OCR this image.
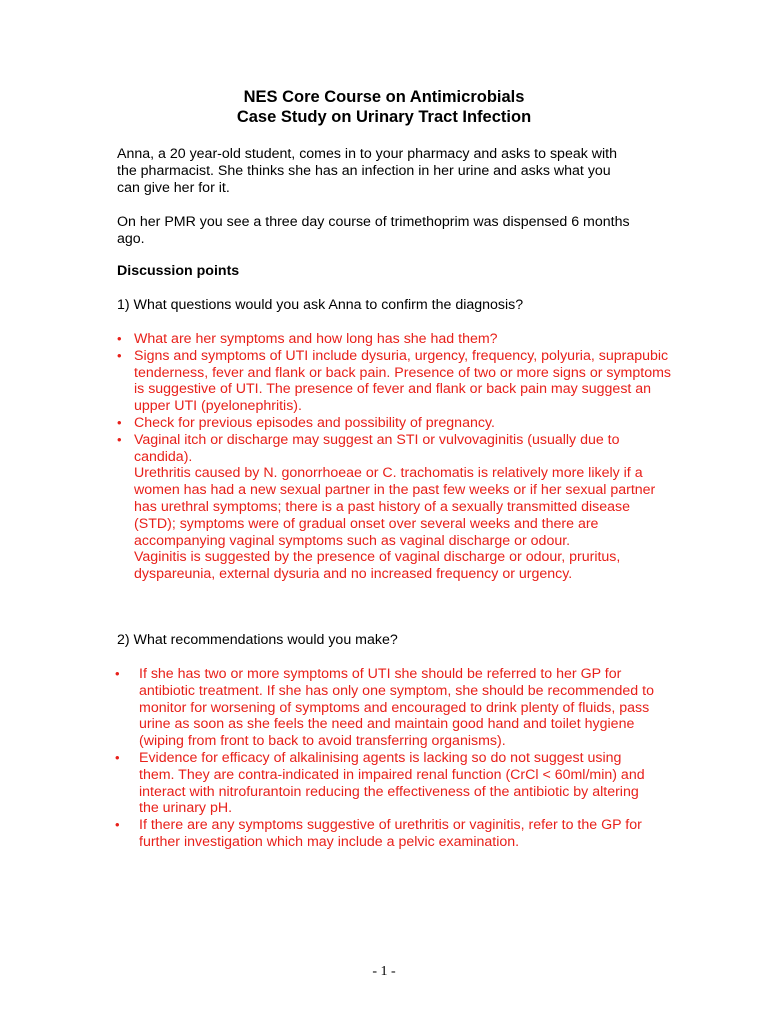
NES Core Course on Antimicrobials

Case Study on Urinary Tract Infection

Anna, a 20 year-old student, comes in to your pharmacy and asks to speak with the pharmacist. She thinks she has an infection in her urine and asks what you can give her for it.

On her PMR you see a three day course of trimethoprim was dispensed 6 months ago.

Discussion points

1) What questions would you ask Anna to confirm the diagnosis?

• What are her symptoms and how long has she had them?
• Signs and symptoms of UTI include dysuria, urgency, frequency, polyuria, suprapubic tenderness, fever and flank or back pain. Presence of two or more signs or symptoms is suggestive of UTI. The presence of fever and flank or back pain may suggest an upper UTI (pyelonephritis).
• Check for previous episodes and possibility of pregnancy.
• Vaginal itch or discharge may suggest an STI or vulvovaginitis (usually due to candida).
Urethritis caused by N. gonorrhoeae or C. trachomatis is relatively more likely if a women has had a new sexual partner in the past few weeks or if her sexual partner has urethral symptoms; there is a past history of a sexually transmitted disease (STD); symptoms were of gradual onset over several weeks and there are accompanying vaginal symptoms such as vaginal discharge or odour.
Vaginitis is suggested by the presence of vaginal discharge or odour, pruritus, dyspareunia, external dysuria and no increased frequency or urgency.

2) What recommendations would you make?

• If she has two or more symptoms of UTI she should be referred to her GP for antibiotic treatment. If she has only one symptom, she should be recommended to monitor for worsening of symptoms and encouraged to drink plenty of fluids, pass urine as soon as she feels the need and maintain good hand and toilet hygiene (wiping from front to back to avoid transferring organisms).
• Evidence for efficacy of alkalinising agents is lacking so do not suggest using them. They are contra-indicated in impaired renal function (CrCl < 60ml/min) and interact with nitrofurantoin reducing the effectiveness of the antibiotic by altering the urinary pH.
• If there are any symptoms suggestive of urethritis or vaginitis, refer to the GP for further investigation which may include a pelvic examination.
- 1 -
